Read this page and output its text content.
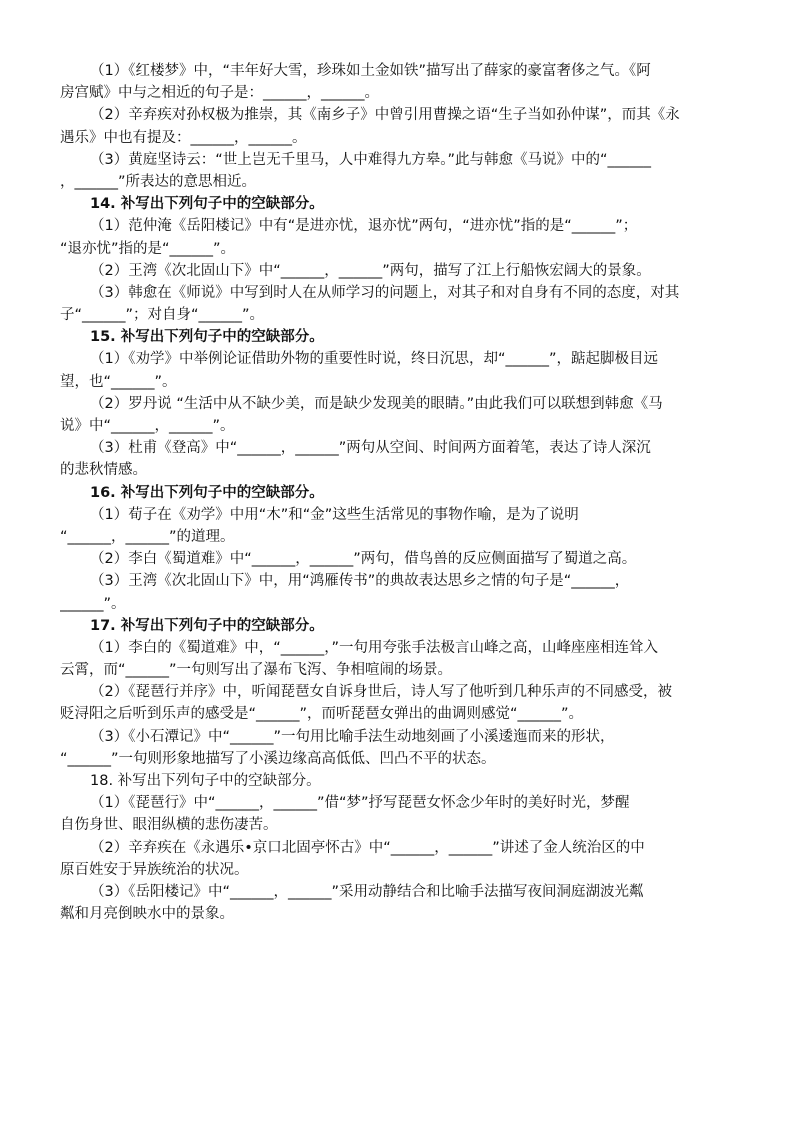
（1）《红楼梦》中，“丰年好大雪，珍珠如土金如铁”描写出了薛家的豪富奢侈之气。《阿
房宫赋》中与之相近的句子是：______，______。
（2）辛弃疾对孙权极为推崇，其《南乡子》中曾引用曹操之语“生子当如孙仲谋”，而其《永
遇乐》中也有提及：______，______。
（3）黄庭坚诗云：“世上岂无千里马，人中难得九方皋。”此与韩愈《马说》中的“______
，______”所表达的意思相近。
14. 补写出下列句子中的空缺部分。
（1）范仲淹《岳阳楼记》中有“是进亦忧，退亦忧”两句，“进亦忧”指的是“______”；
“退亦忧”指的是“______”。
（2）王湾《次北固山下》中“______，______”两句，描写了江上行船恢宏阔大的景象。
（3）韩愈在《师说》中写到时人在从师学习的问题上，对其子和对自身有不同的态度，对其
子“______”；对自身“______”。
15. 补写出下列句子中的空缺部分。
（1）《劝学》中举例论证借助外物的重要性时说，终日沉思，却“______”，踮起脚极目远
望，也“______”。
（2）罗丹说 “生活中从不缺少美，而是缺少发现美的眼睛。”由此我们可以联想到韩愈《马
说》中“______，______”。
（3）杜甫《登高》中“______，______”两句从空间、时间两方面着笔，表达了诗人深沉
的悲秋情感。
16. 补写出下列句子中的空缺部分。
（1）荀子在《劝学》中用“木”和“金”这些生活常见的事物作喻，是为了说明
“______，______”的道理。
（2）李白《蜀道难》中“______，______”两句，借鸟兽的反应侧面描写了蜀道之高。
（3）王湾《次北固山下》中，用“鸿雁传书”的典故表达思乡之情的句子是“______，
______”。
17. 补写出下列句子中的空缺部分。
（1）李白的《蜀道难》中，“______，”一句用夸张手法极言山峰之高，山峰座座相连耸入
云霄，而“______”一句则写出了瀑布飞泻、争相喧闹的场景。
（2）《琵琶行并序》中，听闻琵琶女自诉身世后，诗人写了他听到几种乐声的不同感受，被
贬浔阳之后听到乐声的感受是“______”，而听琵琶女弹出的曲调则感觉“______”。
（3）《小石潭记》中“______”一句用比喻手法生动地刻画了小溪逶迤而来的形状，
“______”一句则形象地描写了小溪边缘高高低低、凹凸不平的状态。
18. 补写出下列句子中的空缺部分。
（1）《琵琶行》中“______，______”借“梦”抒写琵琶女怀念少年时的美好时光，梦醒
自伤身世、眼泪纵横的悲伤凄苦。
（2）辛弃疾在《永遇乐•京口北固亭怀古》中“______，______”讲述了金人统治区的中
原百姓安于异族统治的状况。
（3）《岳阳楼记》中“______，______”采用动静结合和比喻手法描写夜间洞庭湖波光粼
粼和月亮倒映水中的景象。
